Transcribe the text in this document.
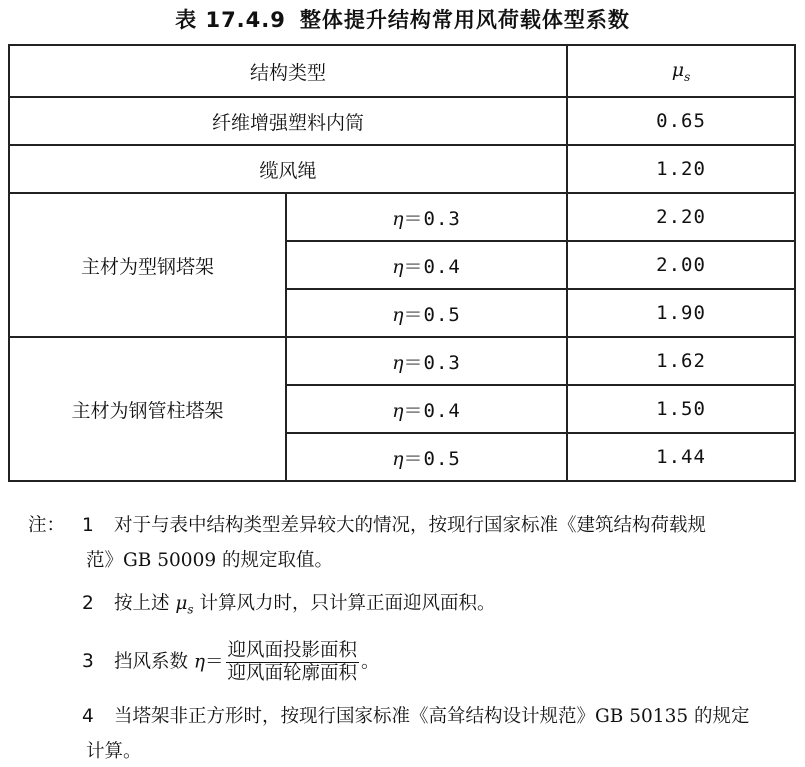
表 17.4.9 整体提升结构常用风荷载体型系数
结构类型		$\mu_s$
纤维增强塑料内筒		0.65
缆风绳		1.20
主材为型钢塔架	η＝0.3	2.20
	η＝0.4	2.00
	η＝0.5	1.90
主材为钢管柱塔架	η＝0.3	1.62
	η＝0.4	1.50
	η＝0.5	1.44
注： 1 对于与表中结构类型差异较大的情况，按现行国家标准《建筑结构荷载规
范》GB 50009 的规定取值。
2 按上述 $\mu_s$ 计算风力时，只计算正面迎风面积。
3 挡风系数 $\eta= \frac{\text{迎风面投影面积}}{\text{迎风面轮廓面积}}$ 。
4 当塔架非正方形时，按现行国家标准《高耸结构设计规范》GB 50135 的规定
计算。
